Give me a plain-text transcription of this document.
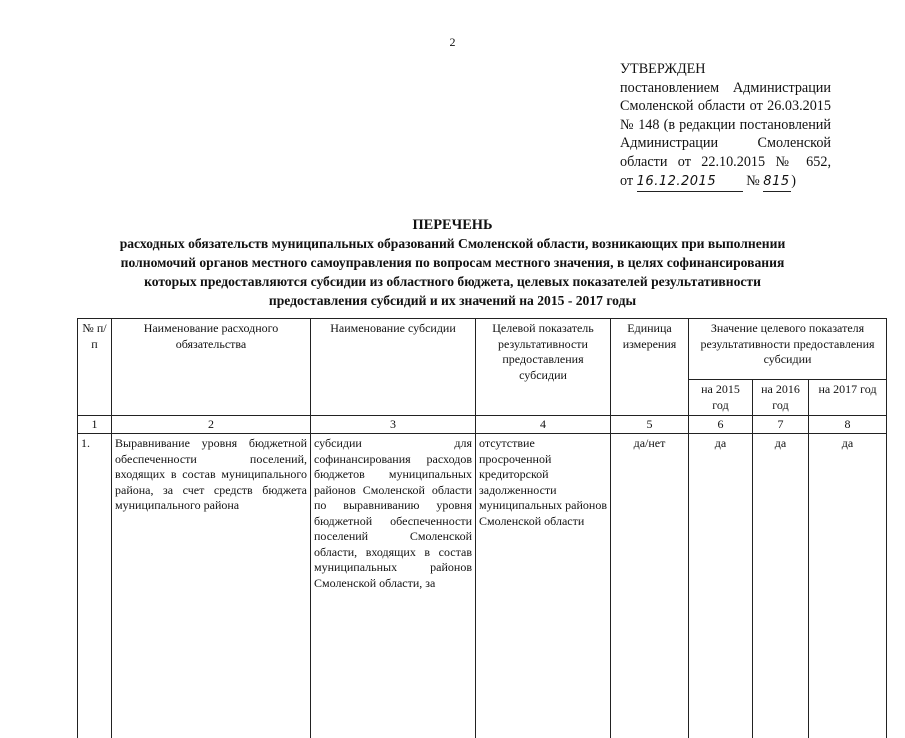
2
УТВЕРЖДЕН
постановлением Администрации
Смоленской области от 26.03.2015
№ 148 (в редакции постановлений
Администрации Смоленской
области от 22.10.2015 № 652,
от 16.12.2015 № 815 )
ПЕРЕЧЕНЬ
расходных обязательств муниципальных образований Смоленской области, возникающих при выполнении
полномочий органов местного самоуправления по вопросам местного значения, в целях софинансирования
которых предоставляются субсидии из областного бюджета, целевых показателей результативности
предоставления субсидий и их значений на 2015 - 2017 годы
№ п/п	Наименование расходного обязательства	Наименование субсидии	Целевой показатель результативности предоставления субсидии	Единица измерения	Значение целевого показателя результативности предоставления субсидии		
					на 2015 год	на 2016 год	на 2017 год
1	2	3	4	5	6	7	8
1.	Выравнивание уровня бюджетной обеспеченности поселений, входящих в состав муниципального района, за счет средств бюджета муниципального района	субсидии для софинансирования расходов бюджетов муниципальных районов Смоленской области по выравниванию уровня бюджетной обеспеченности поселений Смоленской области, входящих в состав муниципальных районов Смоленской области, за	отсутствие просроченной кредиторской задолженности муниципальных районов Смоленской области	да/нет	да	да	да
